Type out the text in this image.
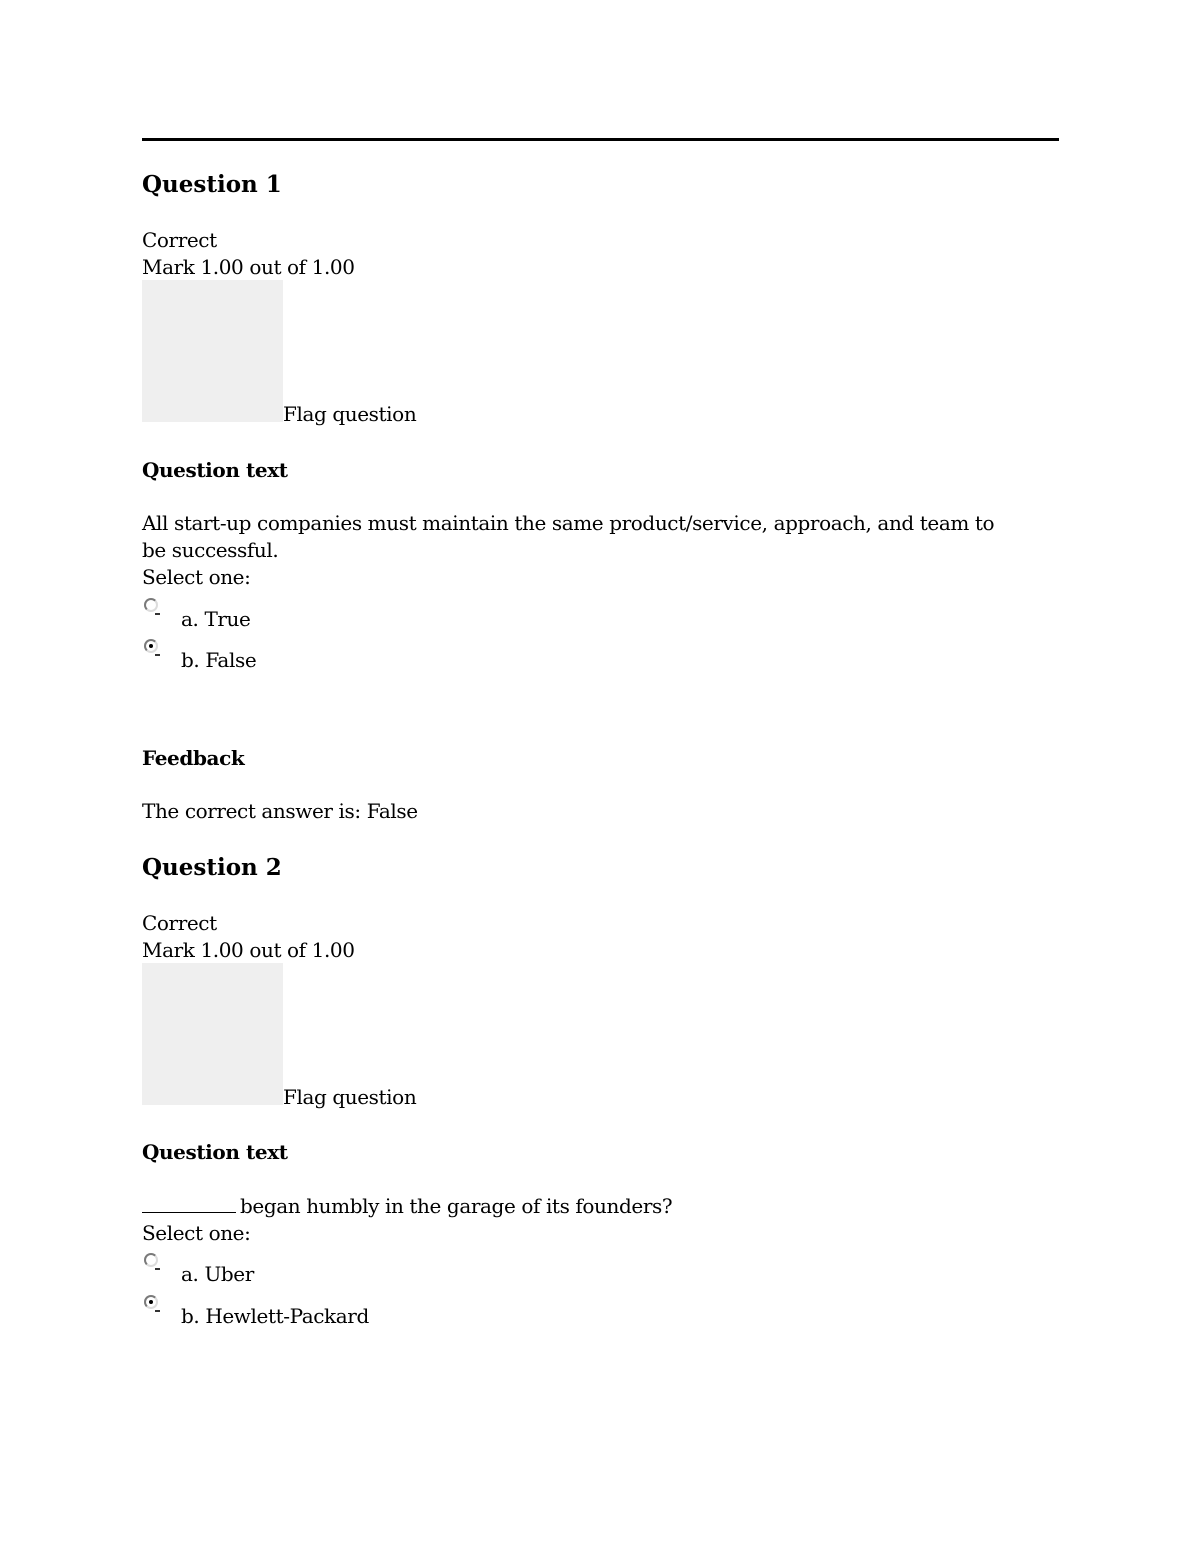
Question 1
Correct
Mark 1.00 out of 1.00
Flag question
Question text
All start-up companies must maintain the same product/service, approach, and team to be successful.
Select one:
a. True
b. False
Feedback
The correct answer is: False
Question 2
Correct
Mark 1.00 out of 1.00
Flag question
Question text
began humbly in the garage of its founders?
Select one:
a. Uber
b. Hewlett-Packard
